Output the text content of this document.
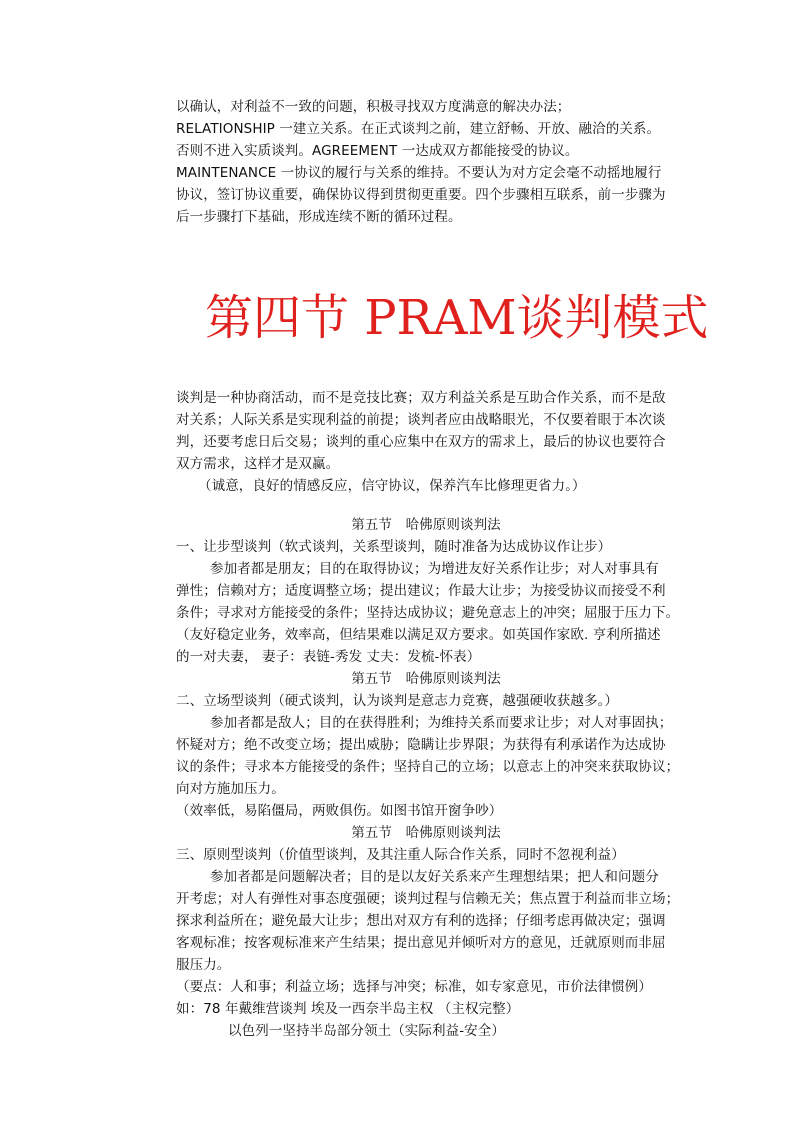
以确认，对利益不一致的问题，积极寻找双方度满意的解决办法；
RELATIONSHIP 一建立关系。在正式谈判之前，建立舒畅、开放、融洽的关系。
否则不进入实质谈判。AGREEMENT 一达成双方都能接受的协议。
MAINTENANCE 一协议的履行与关系的维持。不要认为对方定会毫不动摇地履行
协议，签订协议重要，确保协议得到贯彻更重要。四个步骤相互联系，前一步骤为
后一步骤打下基础，形成连续不断的循环过程。
第四节 PRAM谈判模式
谈判是一种协商活动，而不是竞技比赛；双方利益关系是互助合作关系，而不是敌
对关系；人际关系是实现利益的前提；谈判者应由战略眼光，不仅要着眼于本次谈
判，还要考虑日后交易；谈判的重心应集中在双方的需求上，最后的协议也要符合
双方需求，这样才是双赢。
（诚意，良好的情感反应，信守协议，保养汽车比修理更省力。）
第五节　哈佛原则谈判法
一、让步型谈判（软式谈判，关系型谈判，随时准备为达成协议作让步）
参加者都是朋友；目的在取得协议；为增进友好关系作让步；对人对事具有
弹性；信赖对方；适度调整立场；提出建议；作最大让步；为接受协议而接受不利
条件；寻求对方能接受的条件；坚持达成协议；避免意志上的冲突；屈服于压力下。
（友好稳定业务，效率高，但结果难以满足双方要求。如英国作家欧. 亨利所描述
的一对夫妻， 妻子：表链-秀发 丈夫：发梳-怀表）
第五节　哈佛原则谈判法
二、立场型谈判（硬式谈判，认为谈判是意志力竞赛，越强硬收获越多。）
参加者都是敌人；目的在获得胜利；为维持关系而要求让步；对人对事固执；
怀疑对方；绝不改变立场；提出威胁；隐瞒让步界限；为获得有利承诺作为达成协
议的条件；寻求本方能接受的条件；坚持自己的立场；以意志上的冲突来获取协议；
向对方施加压力。
（效率低，易陷僵局，两败俱伤。如图书馆开窗争吵）
第五节　哈佛原则谈判法
三、原则型谈判（价值型谈判，及其注重人际合作关系，同时不忽视利益）
参加者都是问题解决者；目的是以友好关系来产生理想结果；把人和问题分
开考虑；对人有弹性对事态度强硬；谈判过程与信赖无关；焦点置于利益而非立场；
探求利益所在；避免最大让步；想出对双方有利的选择；仔细考虑再做决定；强调
客观标准；按客观标准来产生结果；提出意见并倾听对方的意见，迁就原则而非屈
服压力。
（要点：人和事；利益立场；选择与冲突；标准，如专家意见，市价法律惯例）
如：78 年戴维营谈判 埃及一西奈半岛主权 （主权完整）
以色列一坚持半岛部分领土（实际利益-安全）
